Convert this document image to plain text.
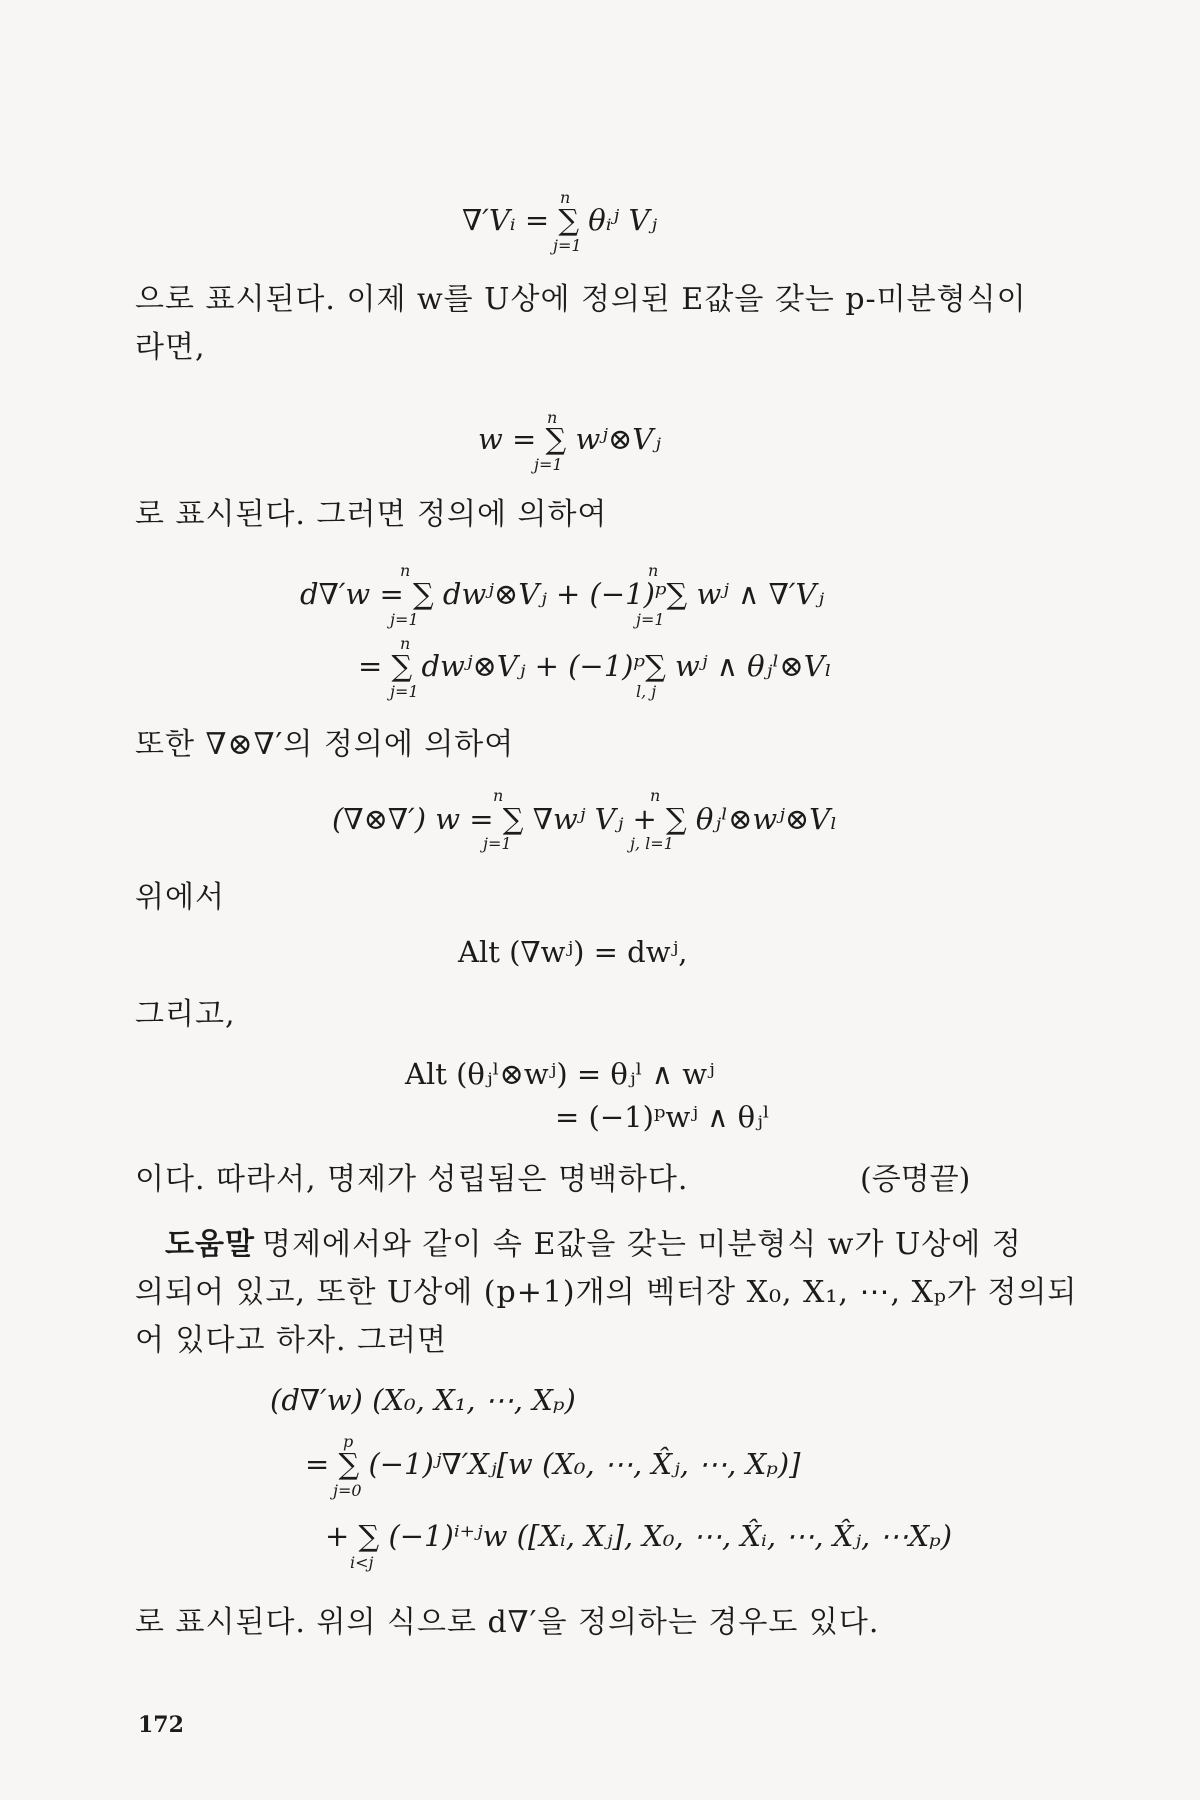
∇′Vᵢ = ∑ θᵢʲ Vⱼ
n
j=1
으로 표시된다. 이제 w를 U상에 정의된 E값을 갖는 p-미분형식이
라면,
w = ∑ wʲ⊗Vⱼ
n
j=1
로 표시된다. 그러면 정의에 의하여
d∇′w = ∑ dwʲ⊗Vⱼ + (−1)ᵖ∑ wʲ ∧ ∇′Vⱼ
n
j=1
n
j=1
= ∑ dwʲ⊗Vⱼ + (−1)ᵖ∑ wʲ ∧ θⱼˡ⊗Vₗ
n
j=1	l, j
또한 ∇⊗∇′의 정의에 의하여
(∇⊗∇′) w = ∑ ∇wʲ Vⱼ + ∑ θⱼˡ⊗wʲ⊗Vₗ
n
j=1
n
j, l=1
위에서
Alt (∇wʲ) = dwʲ,
그리고,
Alt (θⱼˡ⊗wʲ) = θⱼˡ ∧ wʲ
= (−1)ᵖwʲ ∧ θⱼˡ
이다. 따라서, 명제가 성립됨은 명백하다.	(증명끝)
도움말 명제에서와 같이 속 E값을 갖는 미분형식 w가 U상에 정
의되어 있고, 또한 U상에 (p+1)개의 벡터장 X₀, X₁, ⋯, Xₚ가 정의되
어 있다고 하자. 그러면
(d∇′w) (X₀, X₁, ⋯, Xₚ)
= ∑ (−1)ʲ∇′Xⱼ[w (X₀, ⋯, X̂ⱼ, ⋯, Xₚ)]
p
j=0
+ ∑ (−1)ⁱ⁺ʲw ([Xᵢ, Xⱼ], X₀, ⋯, X̂ᵢ, ⋯, X̂ⱼ, ⋯Xₚ)
i<j
로 표시된다. 위의 식으로 d∇′을 정의하는 경우도 있다.
172
